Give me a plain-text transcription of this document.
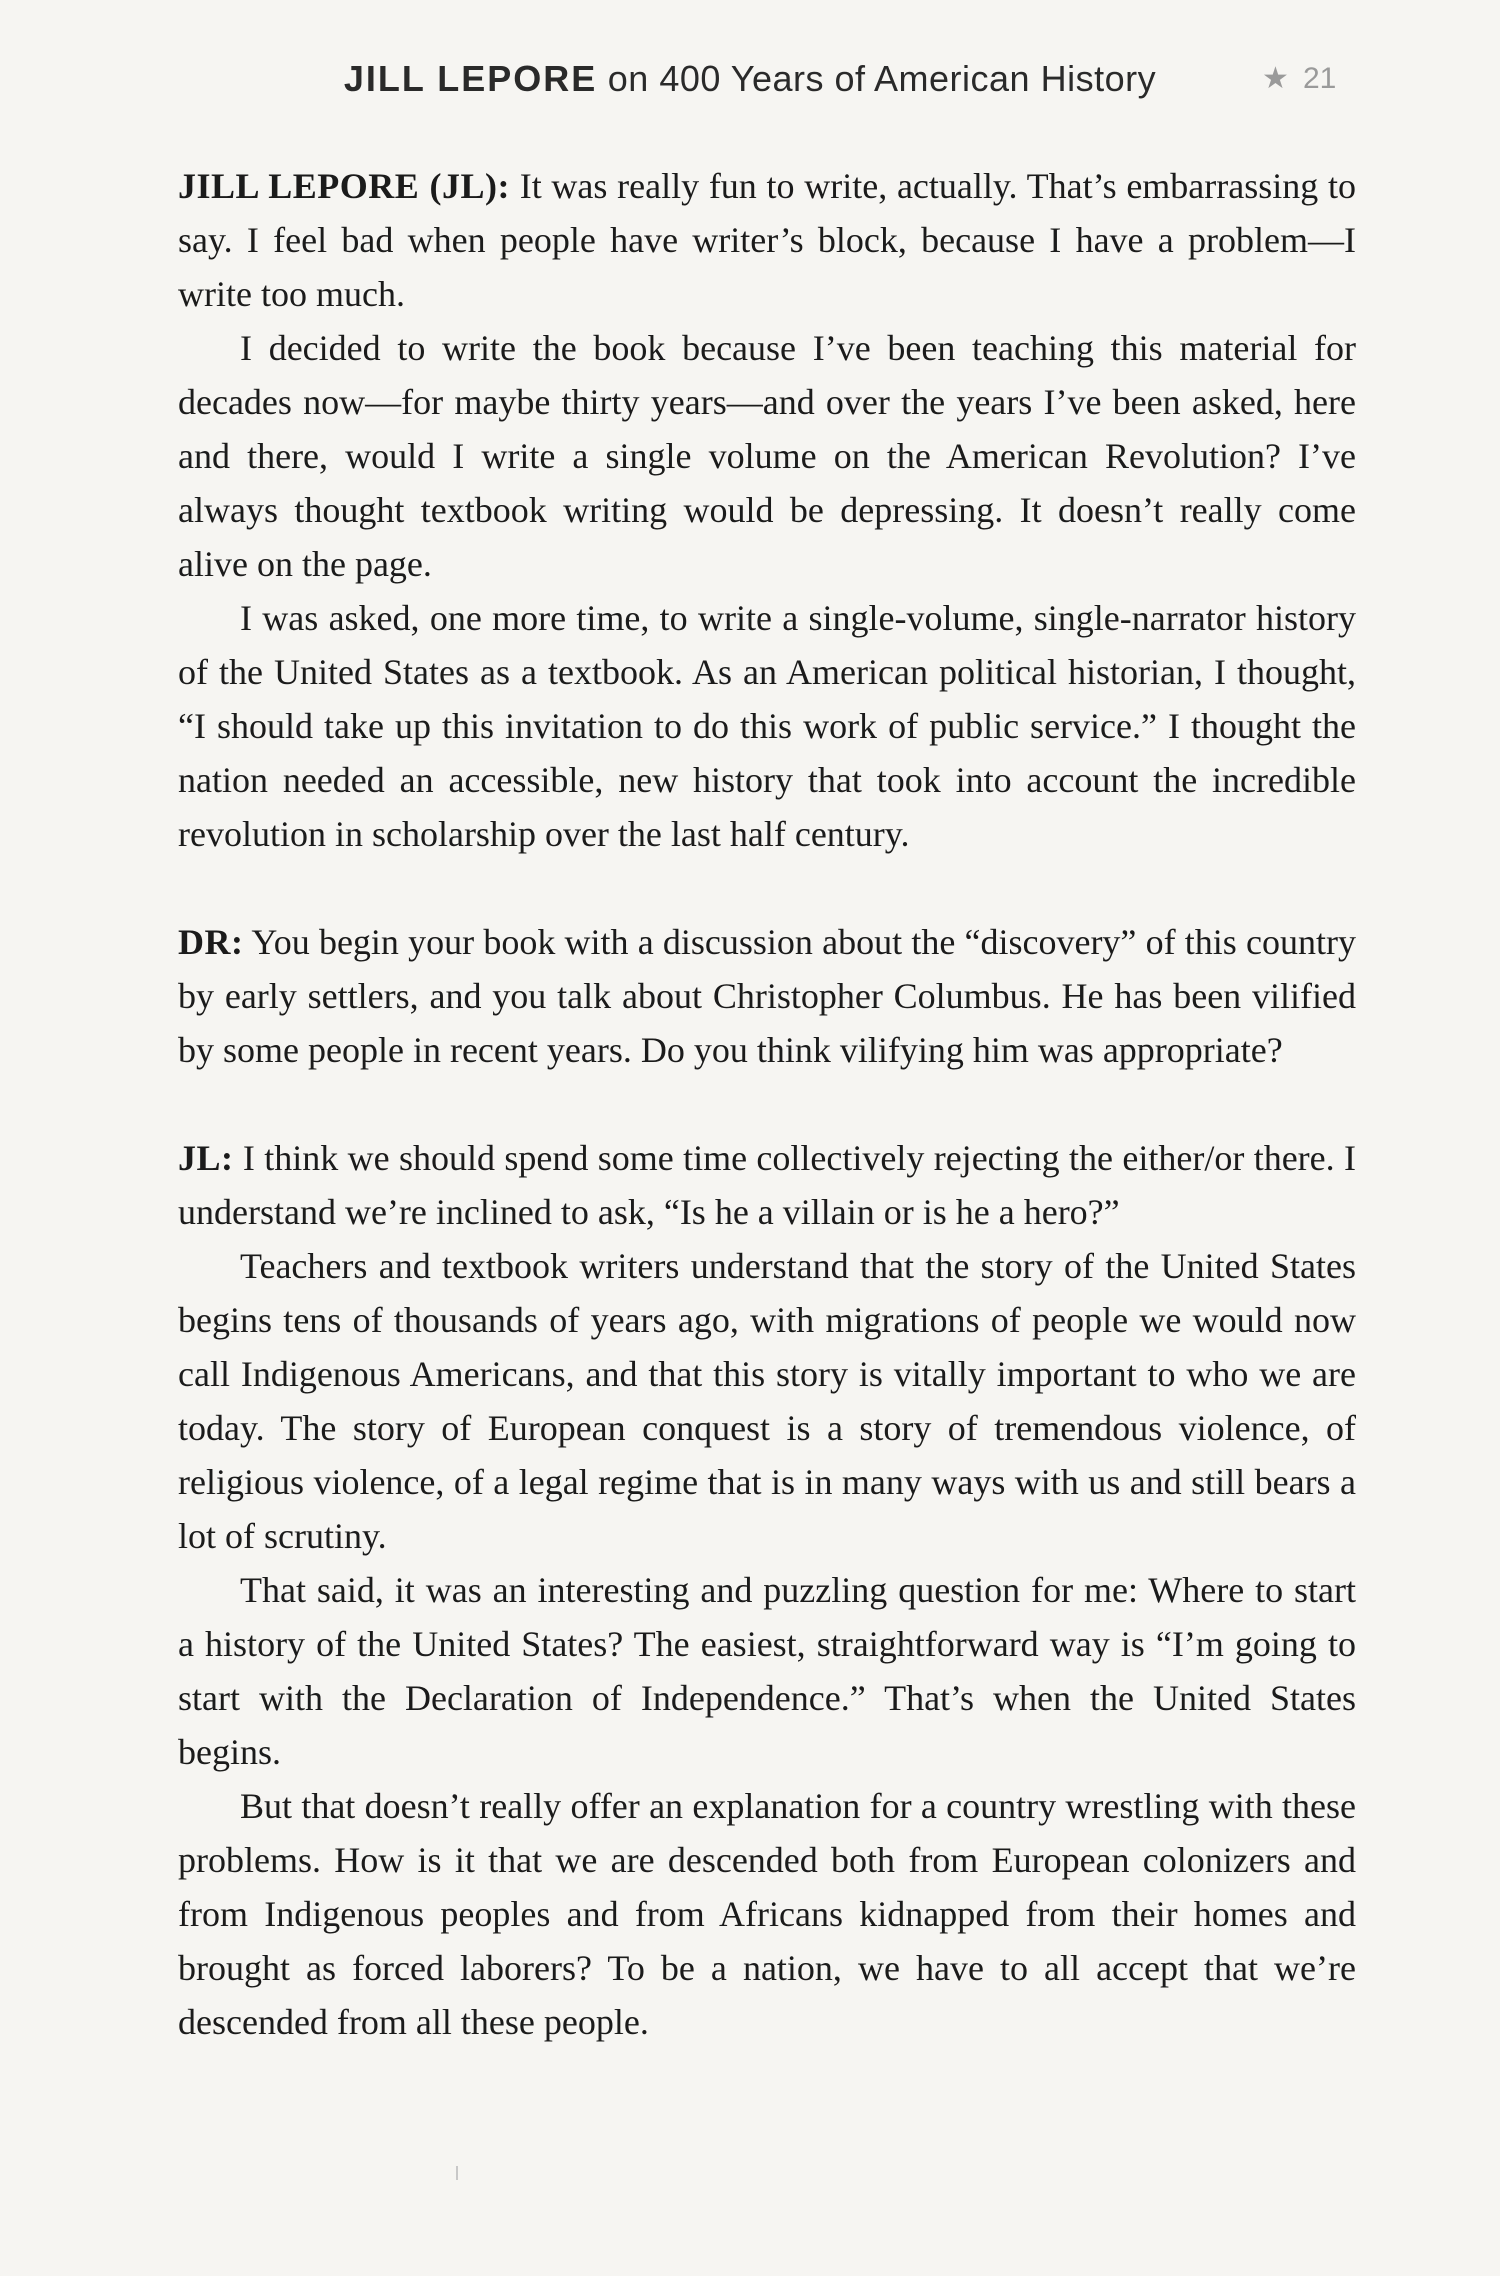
JILL LEPORE on 400 Years of American History	★ 21

JILL LEPORE (JL): It was really fun to write, actually. That’s embarrassing to say. I feel bad when people have writer’s block, because I have a problem—I write too much.

I decided to write the book because I’ve been teaching this material for decades now—for maybe thirty years—and over the years I’ve been asked, here and there, would I write a single volume on the American Revolution? I’ve always thought textbook writing would be depressing. It doesn’t really come alive on the page.

I was asked, one more time, to write a single-volume, single-narrator history of the United States as a textbook. As an American political historian, I thought, “I should take up this invitation to do this work of public service.” I thought the nation needed an accessible, new history that took into account the incredible revolution in scholarship over the last half century.

DR: You begin your book with a discussion about the “discovery” of this country by early settlers, and you talk about Christopher Columbus. He has been vilified by some people in recent years. Do you think vilifying him was appropriate?

JL: I think we should spend some time collectively rejecting the either/or there. I understand we’re inclined to ask, “Is he a villain or is he a hero?”

Teachers and textbook writers understand that the story of the United States begins tens of thousands of years ago, with migrations of people we would now call Indigenous Americans, and that this story is vitally important to who we are today. The story of European conquest is a story of tremendous violence, of religious violence, of a legal regime that is in many ways with us and still bears a lot of scrutiny.

That said, it was an interesting and puzzling question for me: Where to start a history of the United States? The easiest, straightforward way is “I’m going to start with the Declaration of Independence.” That’s when the United States begins.

But that doesn’t really offer an explanation for a country wrestling with these problems. How is it that we are descended both from European colonizers and from Indigenous peoples and from Africans kidnapped from their homes and brought as forced laborers? To be a nation, we have to all accept that we’re descended from all these people.
